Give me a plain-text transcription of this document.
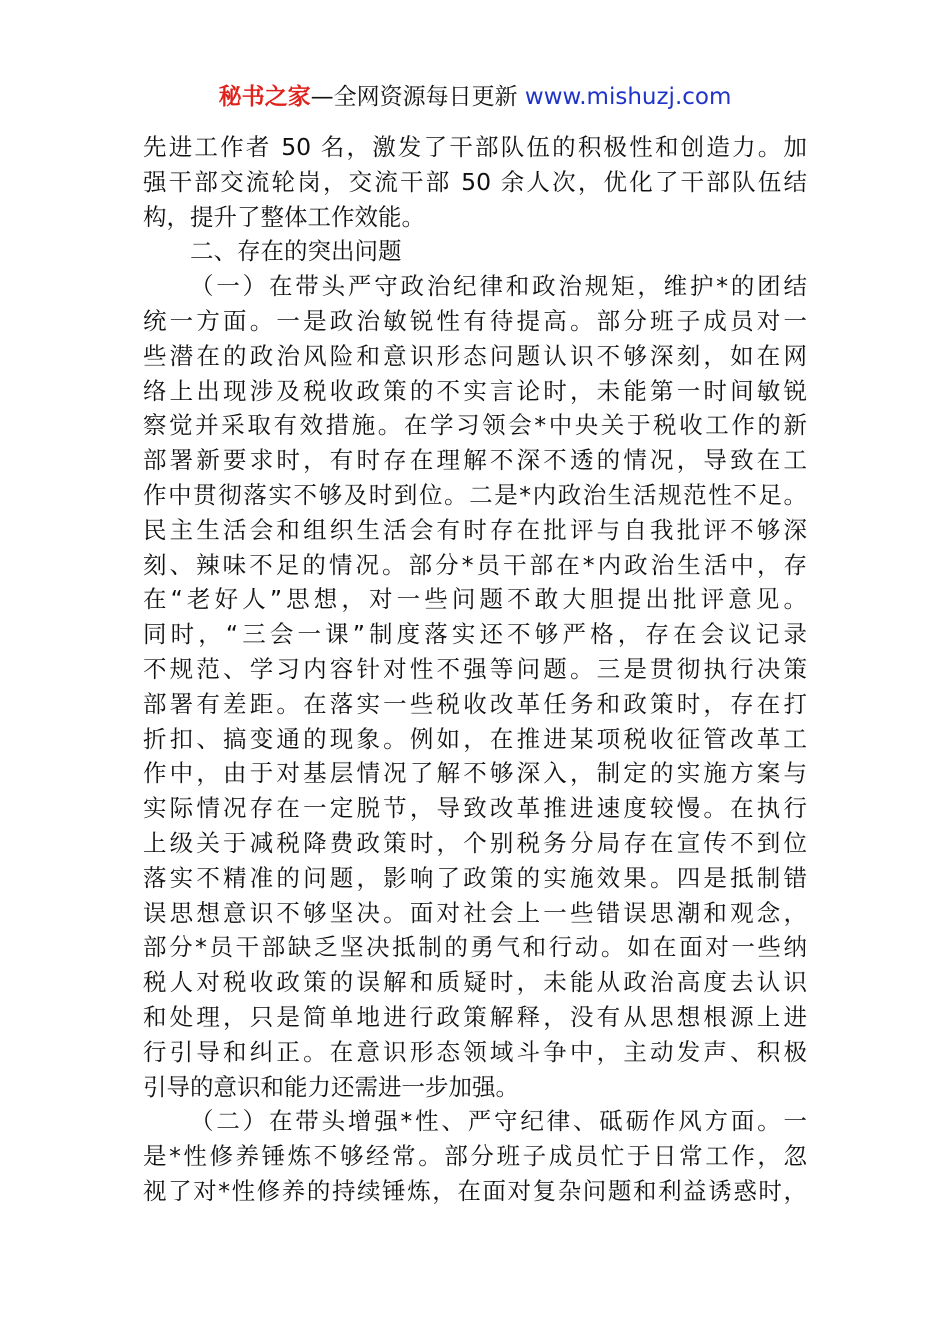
秘书之家—全网资源每日更新 www.mishuzj.com
先进工作者 50 名，激发了干部队伍的积极性和创造力。加
强干部交流轮岗，交流干部 50 余人次，优化了干部队伍结
构，提升了整体工作效能。
二、存在的突出问题
（一）在带头严守政治纪律和政治规矩，维护*的团结
统一方面。一是政治敏锐性有待提高。部分班子成员对一
些潜在的政治风险和意识形态问题认识不够深刻，如在网
络上出现涉及税收政策的不实言论时，未能第一时间敏锐
察觉并采取有效措施。在学习领会*中央关于税收工作的新
部署新要求时，有时存在理解不深不透的情况，导致在工
作中贯彻落实不够及时到位。二是*内政治生活规范性不足。
民主生活会和组织生活会有时存在批评与自我批评不够深
刻、辣味不足的情况。部分*员干部在*内政治生活中，存
在“老好人”思想，对一些问题不敢大胆提出批评意见。
同时，“三会一课”制度落实还不够严格，存在会议记录
不规范、学习内容针对性不强等问题。三是贯彻执行决策
部署有差距。在落实一些税收改革任务和政策时，存在打
折扣、搞变通的现象。例如，在推进某项税收征管改革工
作中，由于对基层情况了解不够深入，制定的实施方案与
实际情况存在一定脱节，导致改革推进速度较慢。在执行
上级关于减税降费政策时，个别税务分局存在宣传不到位
落实不精准的问题，影响了政策的实施效果。四是抵制错
误思想意识不够坚决。面对社会上一些错误思潮和观念，
部分*员干部缺乏坚决抵制的勇气和行动。如在面对一些纳
税人对税收政策的误解和质疑时，未能从政治高度去认识
和处理，只是简单地进行政策解释，没有从思想根源上进
行引导和纠正。在意识形态领域斗争中，主动发声、积极
引导的意识和能力还需进一步加强。
（二）在带头增强*性、严守纪律、砥砺作风方面。一
是*性修养锤炼不够经常。部分班子成员忙于日常工作，忽
视了对*性修养的持续锤炼，在面对复杂问题和利益诱惑时，
